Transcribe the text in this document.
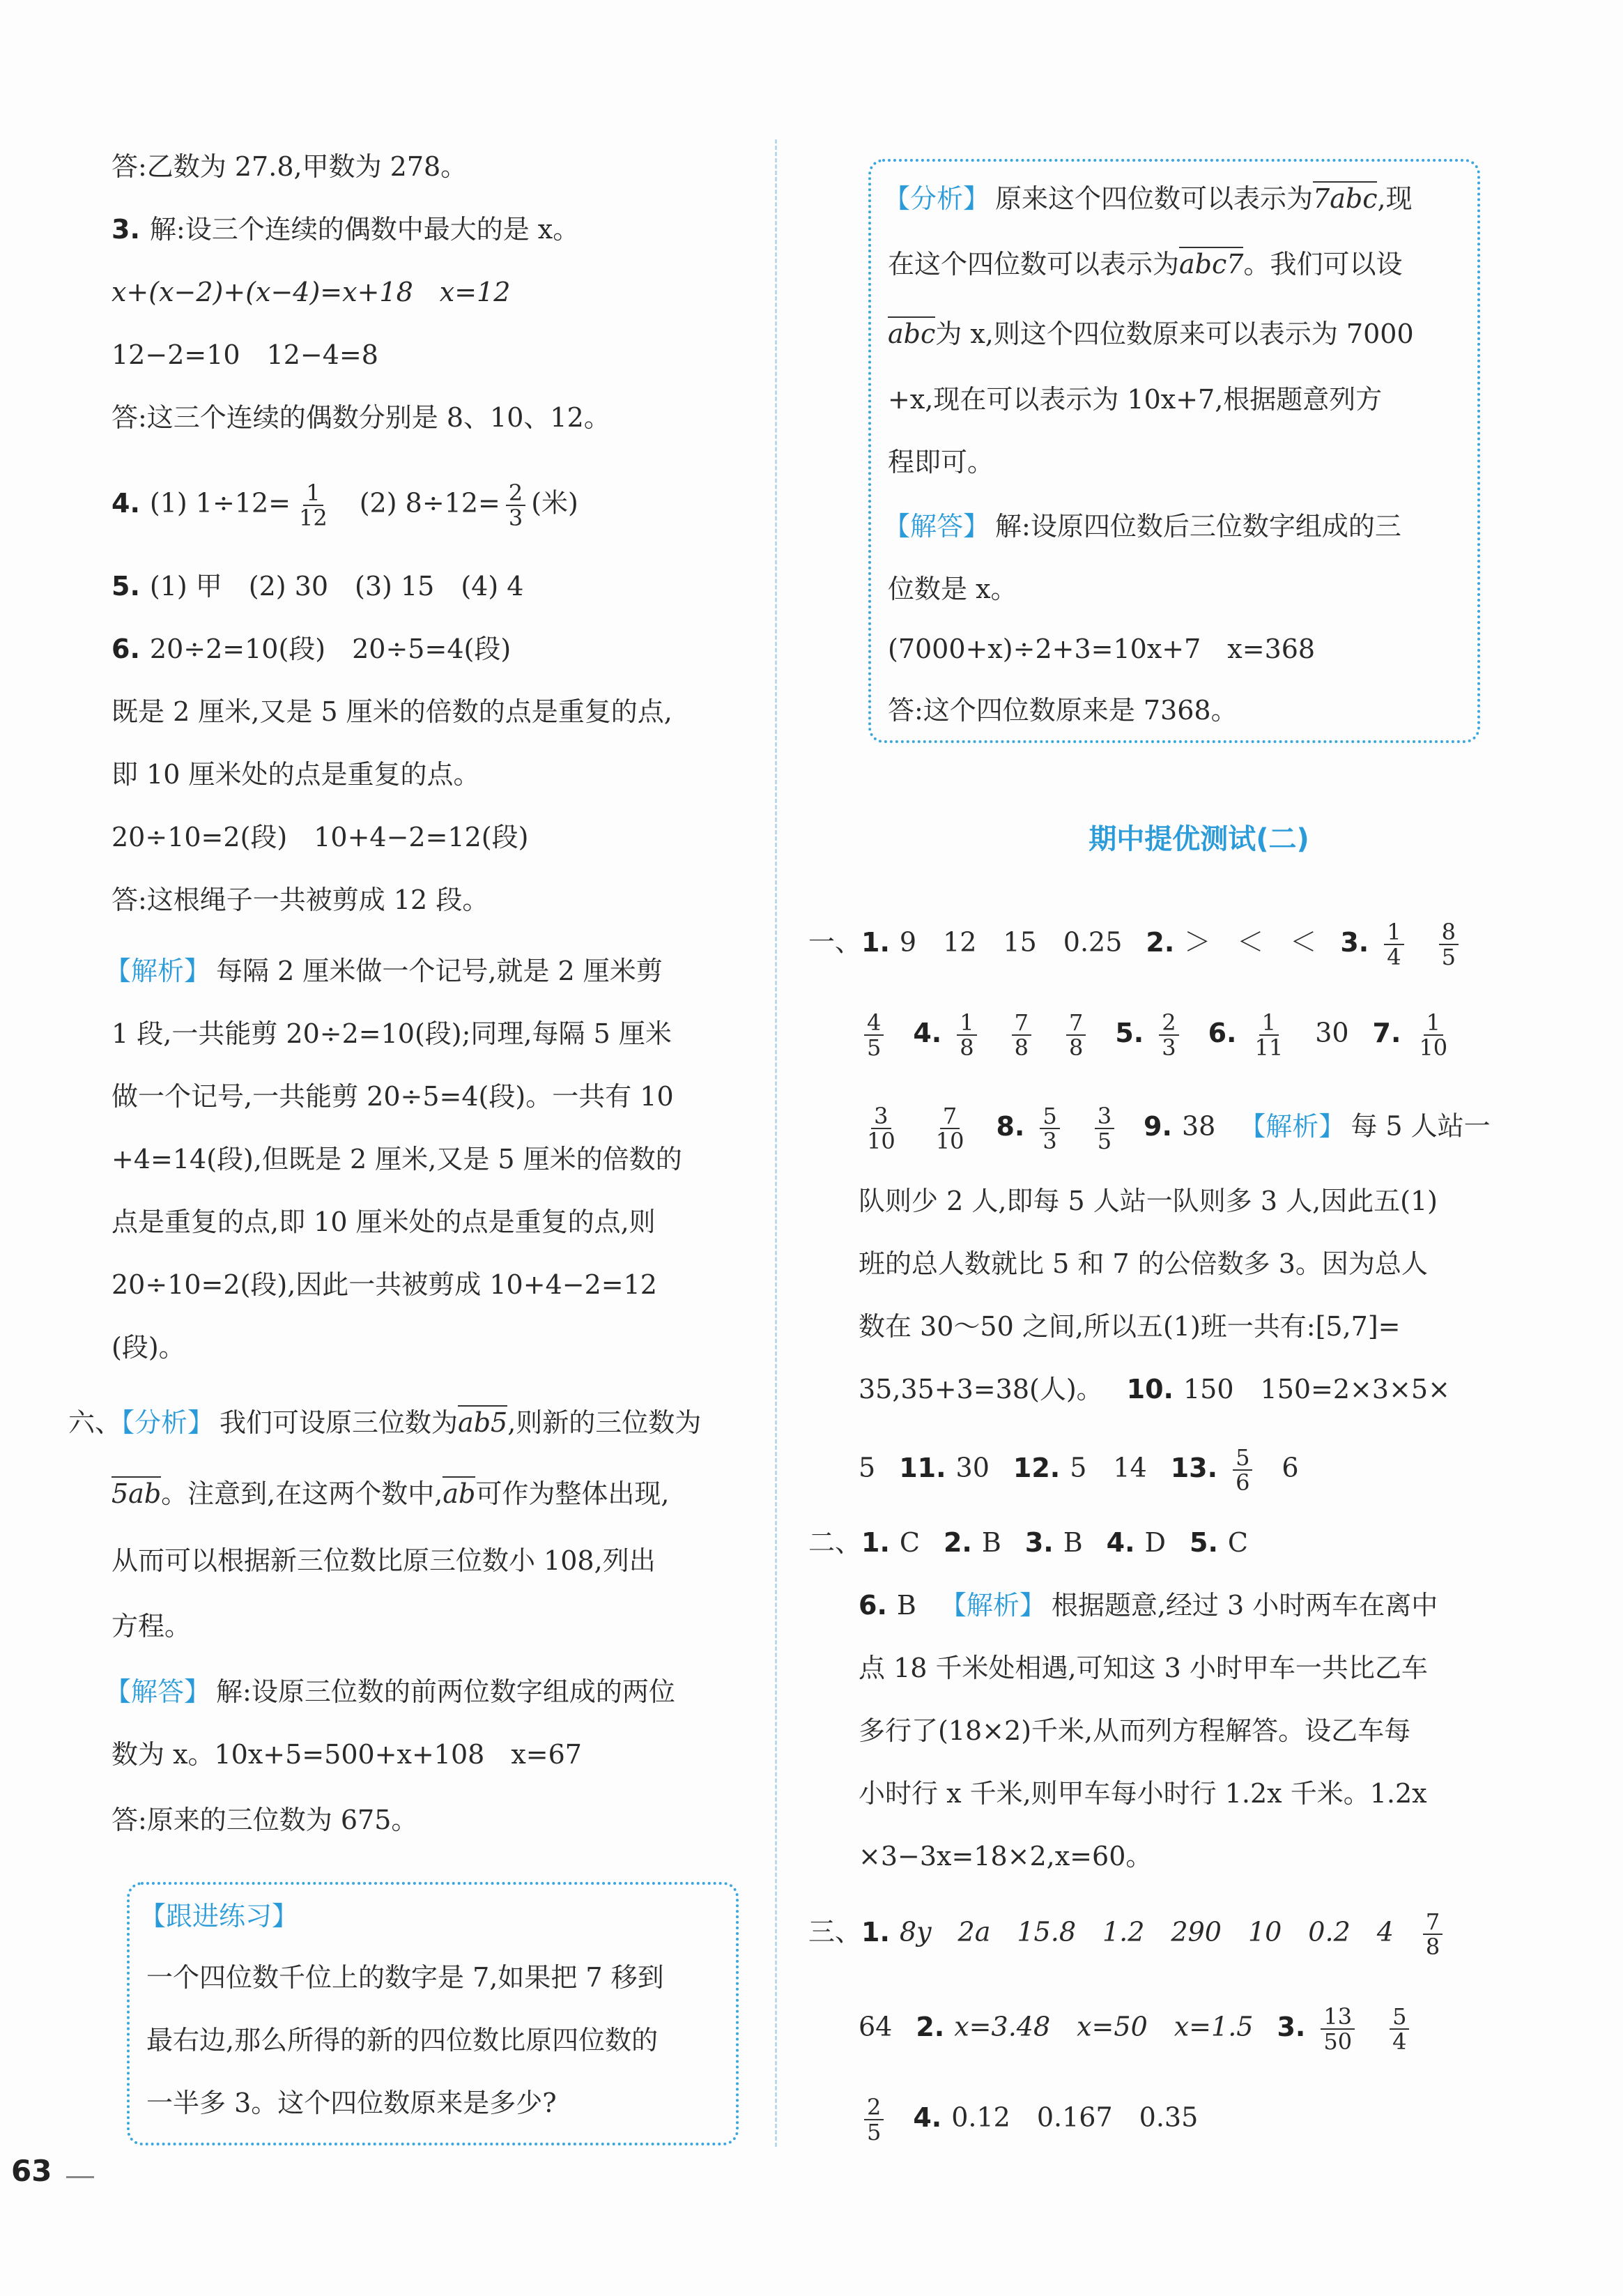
答:乙数为 27.8,甲数为 278。
3. 解:设三个连续的偶数中最大的是 x。
x+(x−2)+(x−4)=x+18　x=12
12−2=10　12−4=8
答:这三个连续的偶数分别是 8、10、12。
4. (1) $1\div 12= \frac{1}{12} (2)$ $8\div 12= \frac{2}{3}$ (米)
5. (1) 甲　(2) 30　(3) 15　(4) 4
6. 20÷2=10(段)　20÷5=4(段)
既是 2 厘米,又是 5 厘米的倍数的点是重复的点,
即 10 厘米处的点是重复的点。
20÷10=2(段)　10+4−2=12(段)
答:这根绳子一共被剪成 12 段。
【解析】 每隔 2 厘米做一个记号,就是 2 厘米剪
1 段,一共能剪 20÷2=10(段);同理,每隔 5 厘米
做一个记号,一共能剪 20÷5=4(段)。一共有 10
+4=14(段),但既是 2 厘米,又是 5 厘米的倍数的
点是重复的点,即 10 厘米处的点是重复的点,则
20÷10=2(段),因此一共被剪成 10+4−2=12
(段)。
六、【分析】 我们可设原三位数为ab5,则新的三位数为
5ab。注意到,在这两个数中,ab可作为整体出现,
从而可以根据新三位数比原三位数小 108,列出
方程。
【解答】 解:设原三位数的前两位数字组成的两位
数为 x。10x+5=500+x+108　x=67
答:原来的三位数为 675。
【跟进练习】
一个四位数千位上的数字是 7,如果把 7 移到
最右边,那么所得的新的四位数比原四位数的
一半多 3。这个四位数原来是多少?
【分析】 原来这个四位数可以表示为7abc,现
在这个四位数可以表示为abc7。我们可以设
abc为 x,则这个四位数原来可以表示为 7000
+x,现在可以表示为 10x+7,根据题意列方
程即可。
【解答】 解:设原四位数后三位数字组成的三
位数是 x。
(7000+x)÷2+3=10x+7　x=368
答:这个四位数原来是 7368。
期中提优测试(二)
一、1. 9　12　15　0.25 2. ＞　＜　＜ 3. $\frac{1}{4} \frac{8}{5}$
$\frac{4}{5} 4$. $\frac{1}{8} \frac{7}{8} \frac{7}{8} 5$. $\frac{2}{3} 6$. $\frac{1}{11} 30$ 7. $\frac{1}{10}$
$\frac{3}{10} \frac{7}{10} 8$. $\frac{5}{3} \frac{3}{5} 9$. 38 【解析】 每 5 人站一
队则少 2 人,即每 5 人站一队则多 3 人,因此五(1)
班的总人数就比 5 和 7 的公倍数多 3。因为总人
数在 30～50 之间,所以五(1)班一共有:[5,7]=
35,35+3=38(人)。 10. 150　150=2×3×5×
5 11. 30 12. 5　14 13. $\frac{5}{6} 6$
二、1. C 2. B 3. B 4. D 5. C
6. B 【解析】 根据题意,经过 3 小时两车在离中
点 18 千米处相遇,可知这 3 小时甲车一共比乙车
多行了(18×2)千米,从而列方程解答。设乙车每
小时行 x 千米,则甲车每小时行 1.2x 千米。1.2x
×3−3x=18×2,x=60。
三、1. 8y　2a　15.8　1.2　290　10　0.2　$4 \frac{7}{8}$
64 2. x=3.48　x=50　x=1.5 3. $\frac{13}{50} \frac{5}{4}$
$\frac{2}{5} 4$. 0.12　0.167　0.35
63
